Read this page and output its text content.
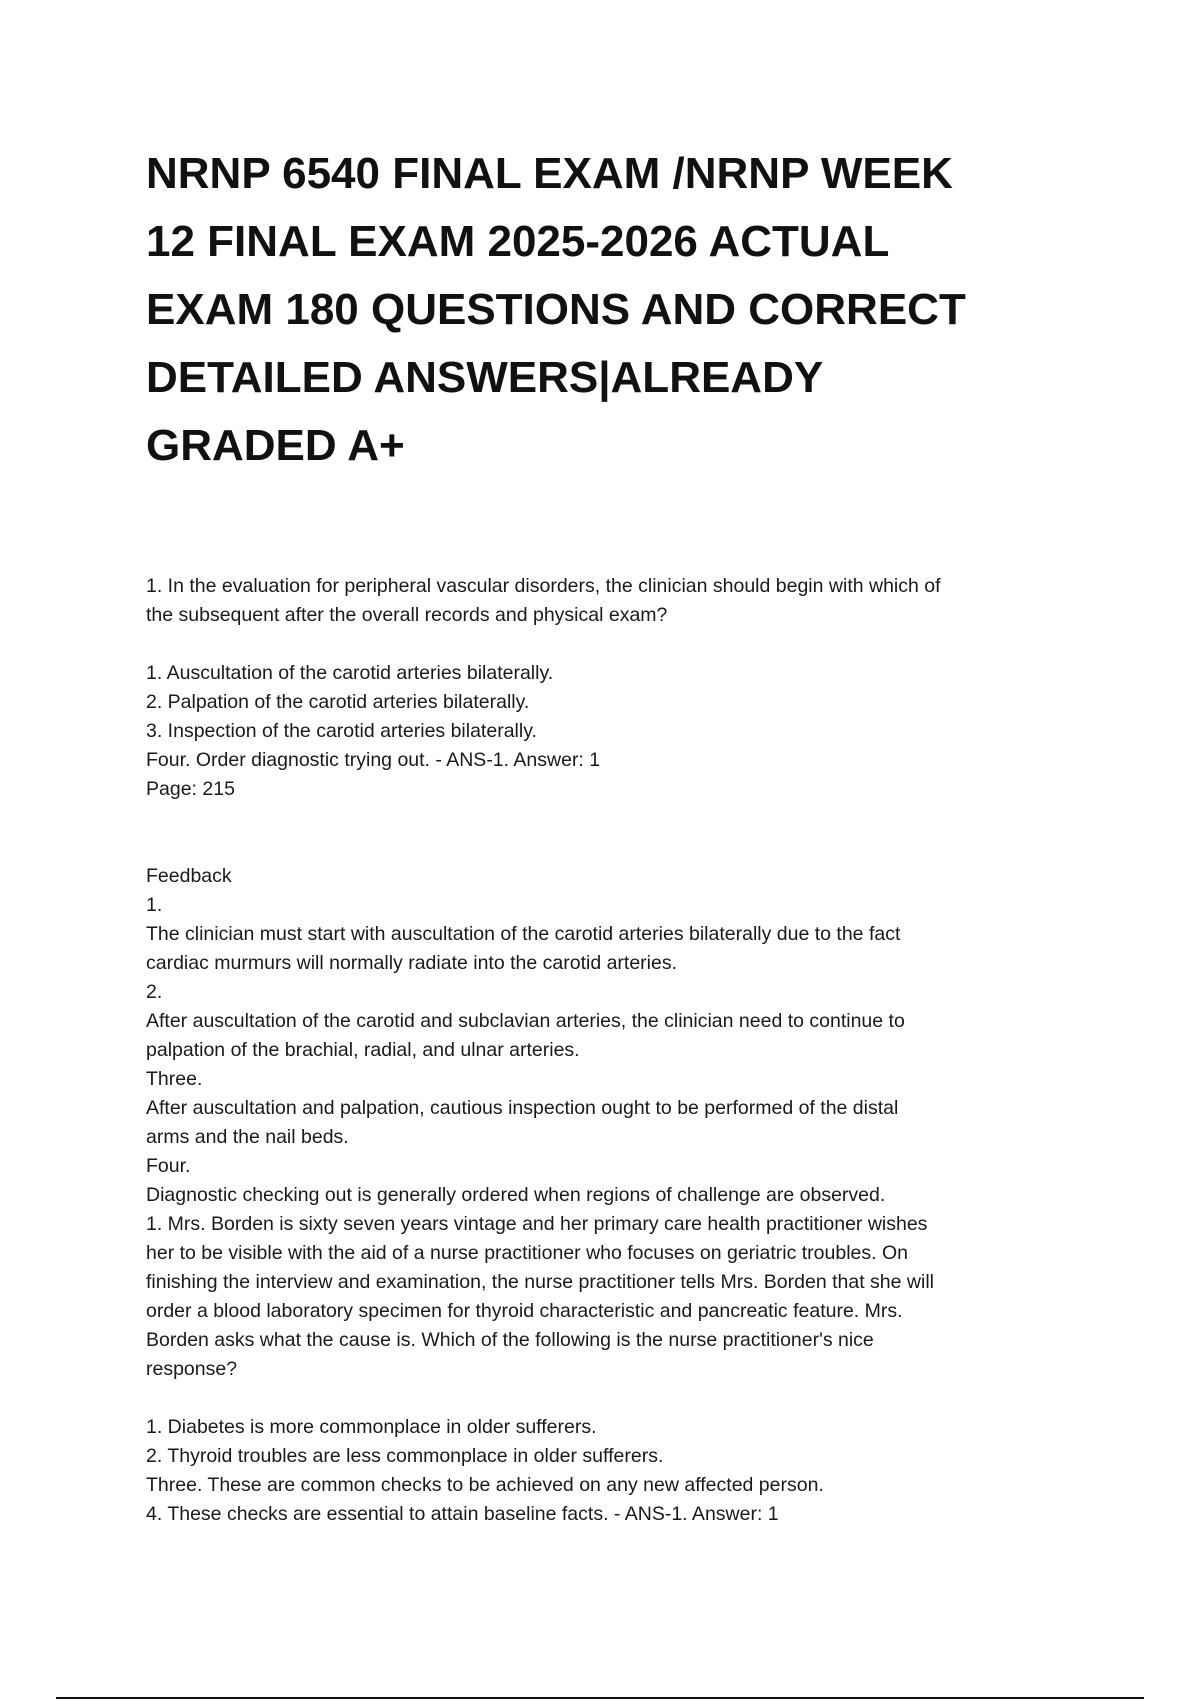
NRNP 6540 FINAL EXAM /NRNP WEEK
12 FINAL EXAM 2025-2026 ACTUAL
EXAM 180 QUESTIONS AND CORRECT
DETAILED ANSWERS|ALREADY
GRADED A+
1. In the evaluation for peripheral vascular disorders, the clinician should begin with which of
the subsequent after the overall records and physical exam?
1. Auscultation of the carotid arteries bilaterally.
2. Palpation of the carotid arteries bilaterally.
3. Inspection of the carotid arteries bilaterally.
Four. Order diagnostic trying out. - ANS-1. Answer: 1
Page: 215
Feedback
1.
The clinician must start with auscultation of the carotid arteries bilaterally due to the fact
cardiac murmurs will normally radiate into the carotid arteries.
2.
After auscultation of the carotid and subclavian arteries, the clinician need to continue to
palpation of the brachial, radial, and ulnar arteries.
Three.
After auscultation and palpation, cautious inspection ought to be performed of the distal
arms and the nail beds.
Four.
Diagnostic checking out is generally ordered when regions of challenge are observed.
1. Mrs. Borden is sixty seven years vintage and her primary care health practitioner wishes
her to be visible with the aid of a nurse practitioner who focuses on geriatric troubles. On
finishing the interview and examination, the nurse practitioner tells Mrs. Borden that she will
order a blood laboratory specimen for thyroid characteristic and pancreatic feature. Mrs.
Borden asks what the cause is. Which of the following is the nurse practitioner's nice
response?
1. Diabetes is more commonplace in older sufferers.
2. Thyroid troubles are less commonplace in older sufferers.
Three. These are common checks to be achieved on any new affected person.
4. These checks are essential to attain baseline facts. - ANS-1. Answer: 1
